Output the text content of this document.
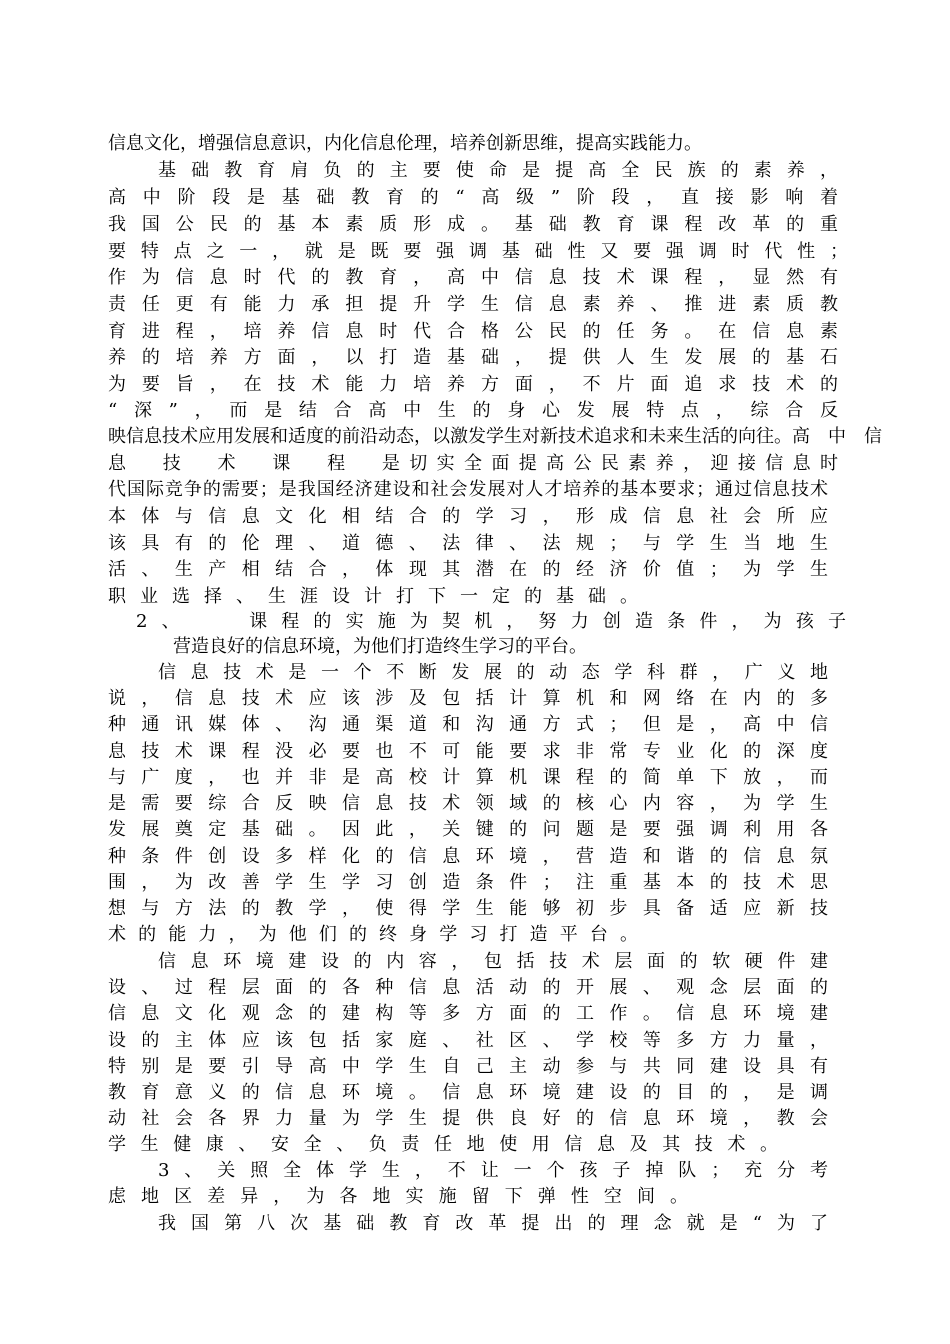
信息文化，增强信息意识，内化信息伦理，培养创新思维，提高实践能力。
基础教育肩负的主要使命是提高全民族的素养，
高中阶段是基础教育的“高级”阶段，直接影响着
我国公民的基本素质形成。基础教育课程改革的重
要特点之一，就是既要强调基础性又要强调时代性；
作为信息时代的教育，高中信息技术课程，显然有
责任更有能力承担提升学生信息素养、推进素质教
育进程，培养信息时代合格公民的任务。在信息素
养的培养方面，以打造基础，提供人生发展的基石
为要旨，在技术能力培养方面，不片面追求技术的
“深”，而是结合高中生的身心发展特点，综合反
映信息技术应用发展和适度的前沿动态，以激发学生对新技术追求和未来生活的向往。高　中　信
息　技　术　课　程　是切实全面提高公民素养，迎接信息时
代国际竞争的需要；是我国经济建设和社会发展对人才培养的基本要求；通过信息技术
本体与信息文化相结合的学习，形成信息社会所应
该具有的伦理、道德、法律、法规；与学生当地生
活、生产相结合，体现其潜在的经济价值；为学生
职业选择、生涯设计打下一定的基础。
2、　　课程的实施为契机，努力创造条件，为孩子
营造良好的信息环境，为他们打造终生学习的平台。
信息技术是一个不断发展的动态学科群，广义地
说，信息技术应该涉及包括计算机和网络在内的多
种通讯媒体、沟通渠道和沟通方式；但是，高中信
息技术课程没必要也不可能要求非常专业化的深度
与广度，也并非是高校计算机课程的简单下放，而
是需要综合反映信息技术领域的核心内容，为学生
发展奠定基础。因此，关键的问题是要强调利用各
种条件创设多样化的信息环境，营造和谐的信息氛
围，为改善学生学习创造条件；注重基本的技术思
想与方法的教学，使得学生能够初步具备适应新技
术的能力，为他们的终身学习打造平台。
信息环境建设的内容，包括技术层面的软硬件建
设、过程层面的各种信息活动的开展、观念层面的
信息文化观念的建构等多方面的工作。信息环境建
设的主体应该包括家庭、社区、学校等多方力量，
特别是要引导高中学生自己主动参与共同建设具有
教育意义的信息环境。信息环境建设的目的，是调
动社会各界力量为学生提供良好的信息环境，教会
学生健康、安全、负责任地使用信息及其技术。
3、关照全体学生，不让一个孩子掉队；充分考
虑地区差异，为各地实施留下弹性空间。
我国第八次基础教育改革提出的理念就是“为了
